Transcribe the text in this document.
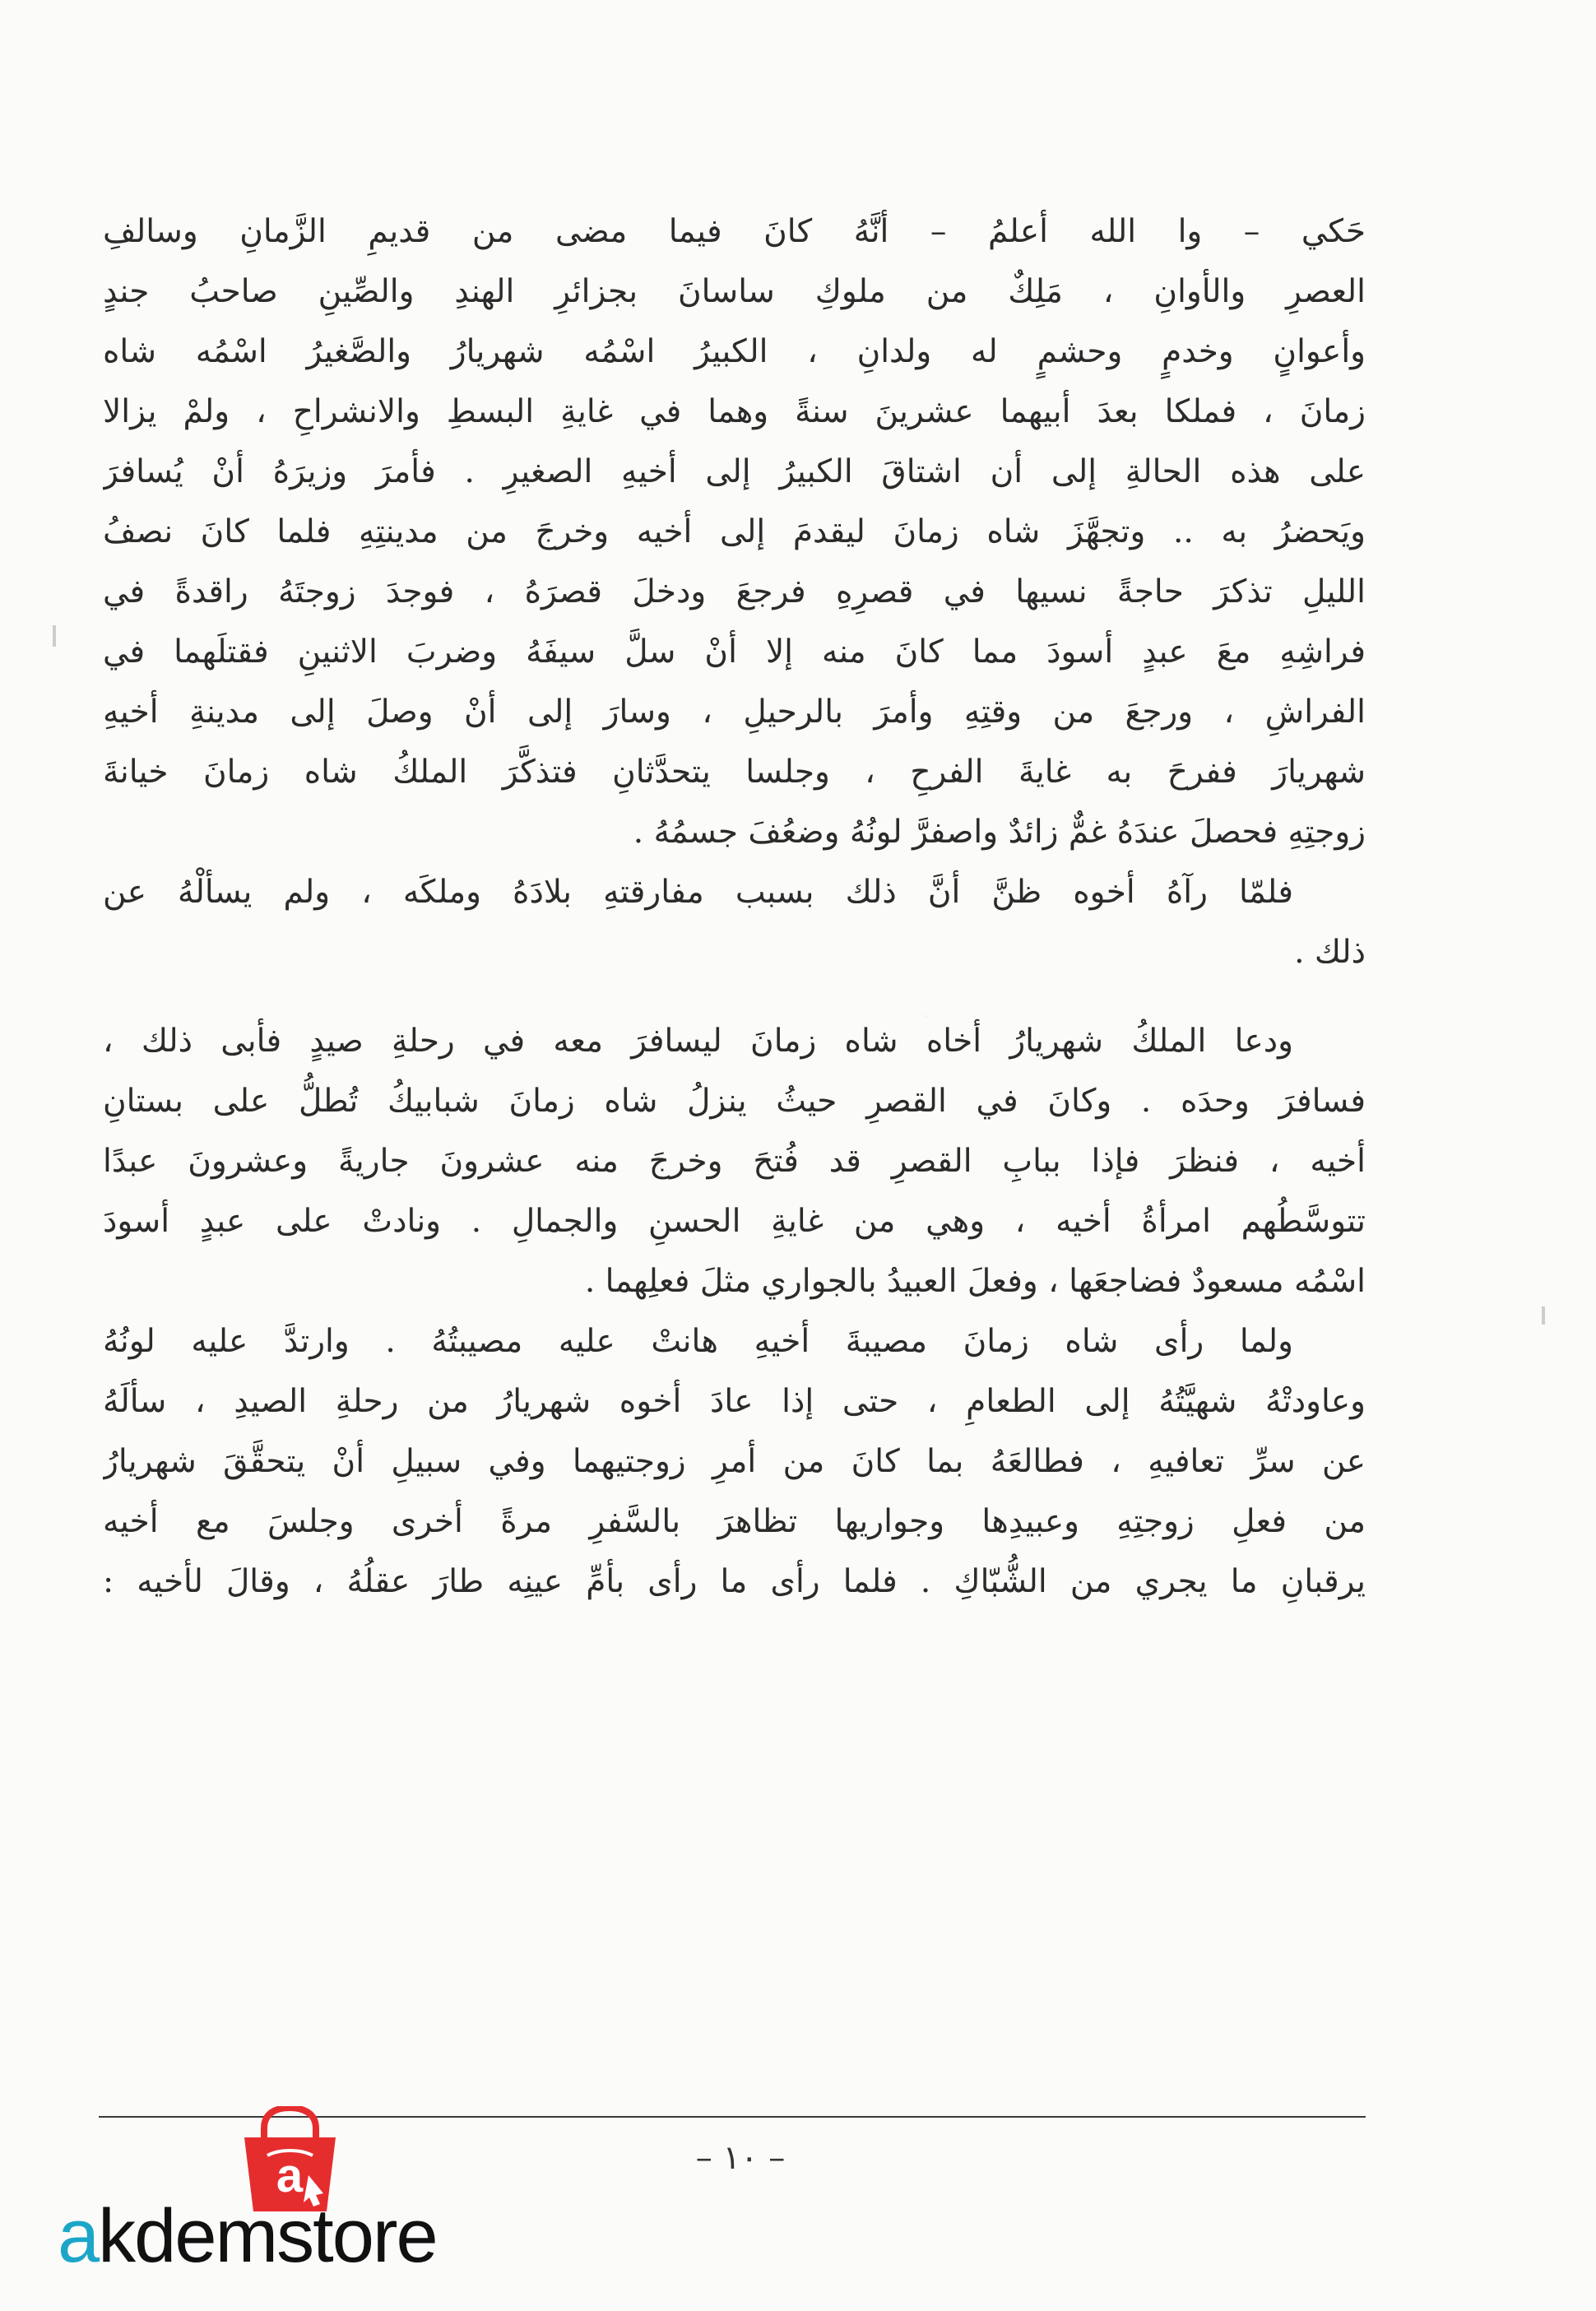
حَكي – وا الله أعلمُ – أنَّهُ كانَ فيما مضى من قديمِ الزَّمانِ وسالفِ
العصرِ والأوانِ ، مَلِكٌ من ملوكِ ساسانَ بجزائرِ الهندِ والصِّينِ صاحبُ جندٍ
وأعوانٍ وخدمٍ وحشمٍ له ولدانِ ، الكبيرُ اسْمُه شهريارُ والصَّغيرُ اسْمُه شاه
زمانَ ، فملكا بعدَ أبيهما عشرينَ سنةً وهما في غايةِ البسطِ والانشراحِ ، ولمْ يزالا
على هذه الحالةِ إلى أن اشتاقَ الكبيرُ إلى أخيهِ الصغيرِ . فأمرَ وزيرَهُ أنْ يُسافرَ
ويَحضرُ به .. وتجهَّزَ شاه زمانَ ليقدمَ إلى أخيه وخرجَ من مدينتِهِ فلما كانَ نصفُ
الليلِ تذكرَ حاجةً نسيها في قصرِهِ فرجعَ ودخلَ قصرَهُ ، فوجدَ زوجتَهُ راقدةً في
فراشِهِ معَ عبدٍ أسودَ مما كانَ منه إلا أنْ سلَّ سيفَهُ وضربَ الاثنينِ فقتلَهما في
الفراشِ ، ورجعَ من وقتِهِ وأمرَ بالرحيلِ ، وسارَ إلى أنْ وصلَ إلى مدينةِ أخيهِ
شهريارَ ففرحَ به غايةَ الفرحِ ، وجلسا يتحدَّثانِ فتذكَّرَ الملكُ شاه زمانَ خيانةَ
زوجتِهِ فحصلَ عندَهُ غمٌّ زائدٌ واصفرَّ لونُهُ وضعُفَ جسمُهُ .
فلمّا رآهُ أخوه ظنَّ أنَّ ذلك بسبب مفارقتهِ بلادَهُ وملكَه ، ولم يسألْهُ عن
ذلك .
ودعا الملكُ شهريارُ أخاه شاه زمانَ ليسافرَ معه في رحلةِ صيدٍ فأبى ذلك ،
فسافرَ وحدَه . وكانَ في القصرِ حيثُ ينزلُ شاه زمانَ شبابيكُ تُطلُّ على بستانِ
أخيه ، فنظرَ فإذا ببابِ القصرِ قد فُتحَ وخرجَ منه عشرونَ جاريةً وعشرونَ عبدًا
تتوسَّطُهم امرأةُ أخيه ، وهي من غايةِ الحسنِ والجمالِ . ونادتْ على عبدٍ أسودَ
اسْمُه مسعودٌ فضاجعَها ، وفعلَ العبيدُ بالجواري مثلَ فعلِهما .
ولما رأى شاه زمانَ مصيبةَ أخيهِ هانتْ عليه مصيبتُهُ . وارتدَّ عليه لونُهُ
وعاودتْهُ شهيَّتُهُ إلى الطعامِ ، حتى إذا عادَ أخوه شهريارُ من رحلةِ الصيدِ ، سألَهُ
عن سرِّ تعافيهِ ، فطالعَهُ بما كانَ من أمرِ زوجتيهما وفي سبيلِ أنْ يتحقَّقَ شهريارُ
من فعلِ زوجتِهِ وعبيدِها وجواريها تظاهرَ بالسَّفرِ مرةً أخرى وجلسَ مع أخيه
يرقبانِ ما يجري من الشُّبّاكِ . فلما رأى ما رأى بأمِّ عينِه طارَ عقلُهُ ، وقالَ لأخيه :
– ١٠ –
a
akdemstore
